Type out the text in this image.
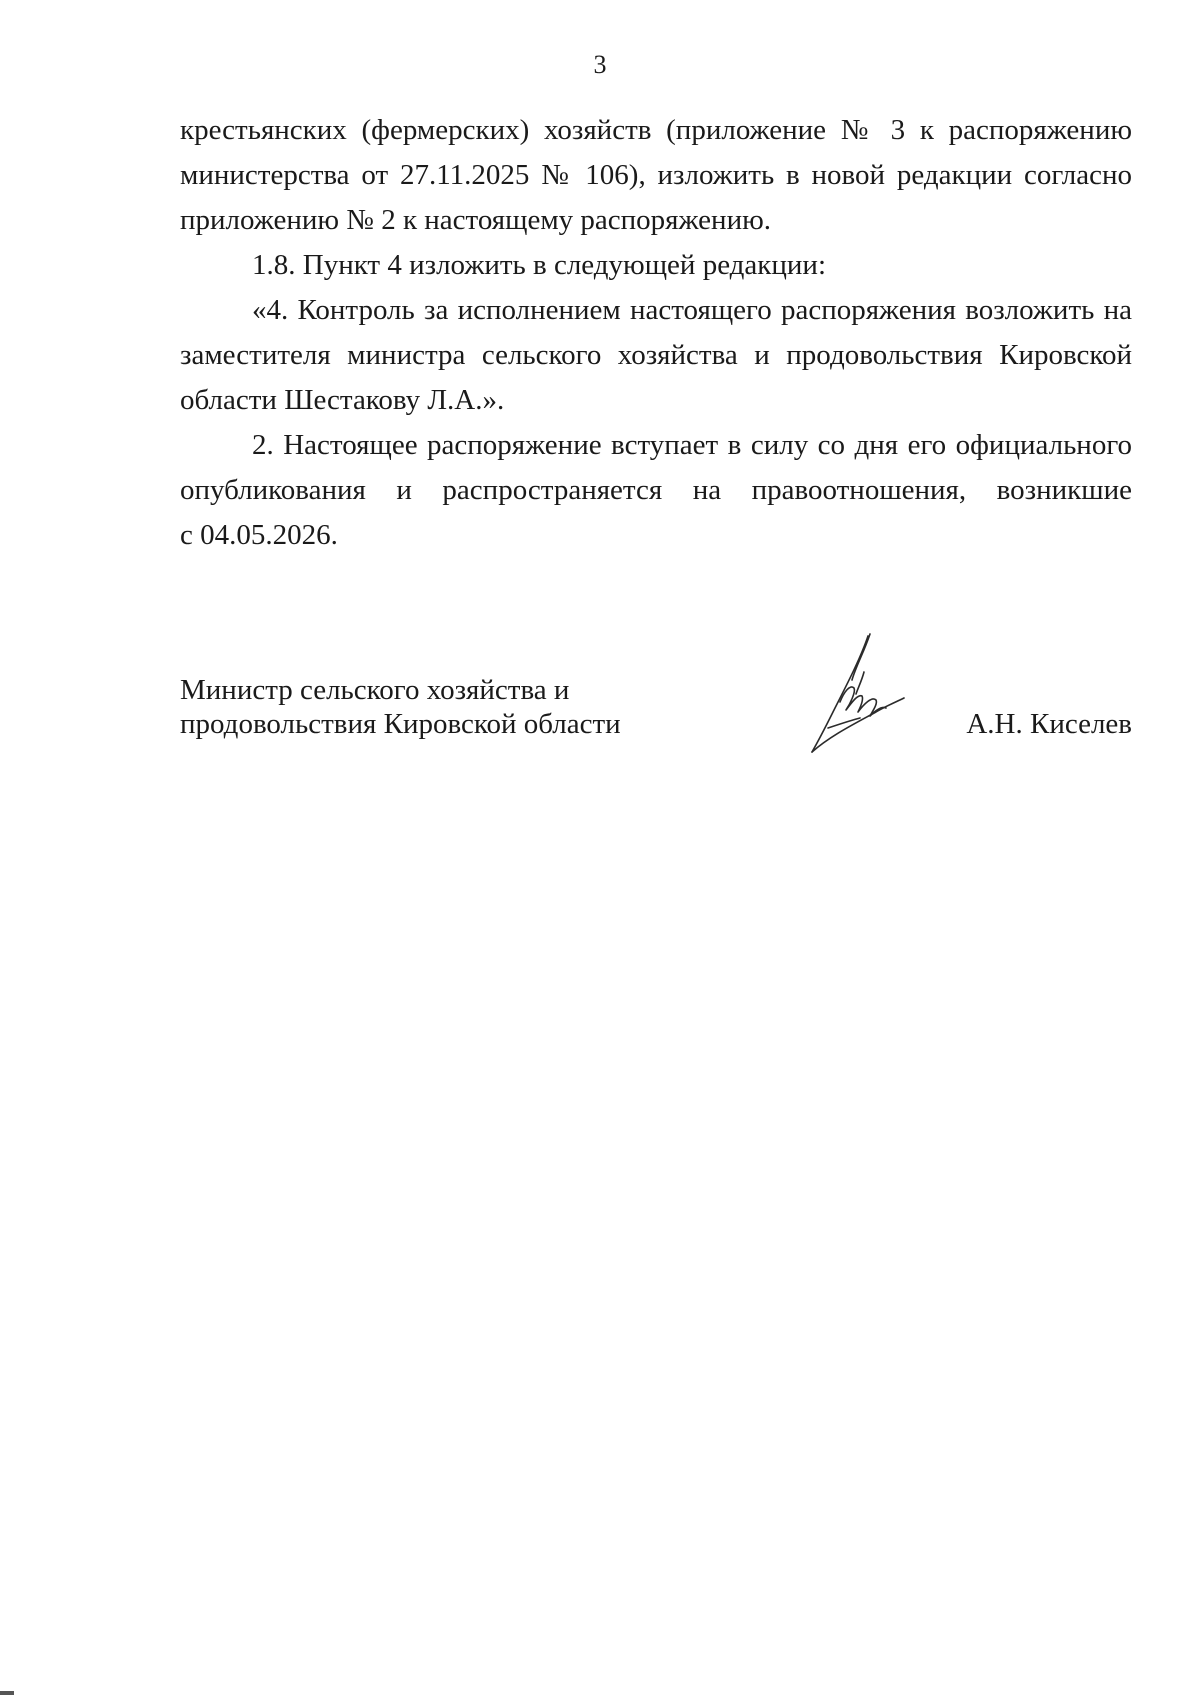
3

крестьянских (фермерских) хозяйств (приложение № 3 к распоряжению министерства от 27.11.2025 № 106), изложить в новой редакции согласно приложению № 2 к настоящему распоряжению.

1.8. Пункт 4 изложить в следующей редакции:

«4. Контроль за исполнением настоящего распоряжения возложить на заместителя министра сельского хозяйства и продовольствия Кировской области Шестакову Л.А.».

2. Настоящее распоряжение вступает в силу со дня его официального опубликования и распространяется на правоотношения, возникшие

с 04.05.2026.

Министр сельского хозяйства и
продовольствия Кировской области	А.Н. Киселев
